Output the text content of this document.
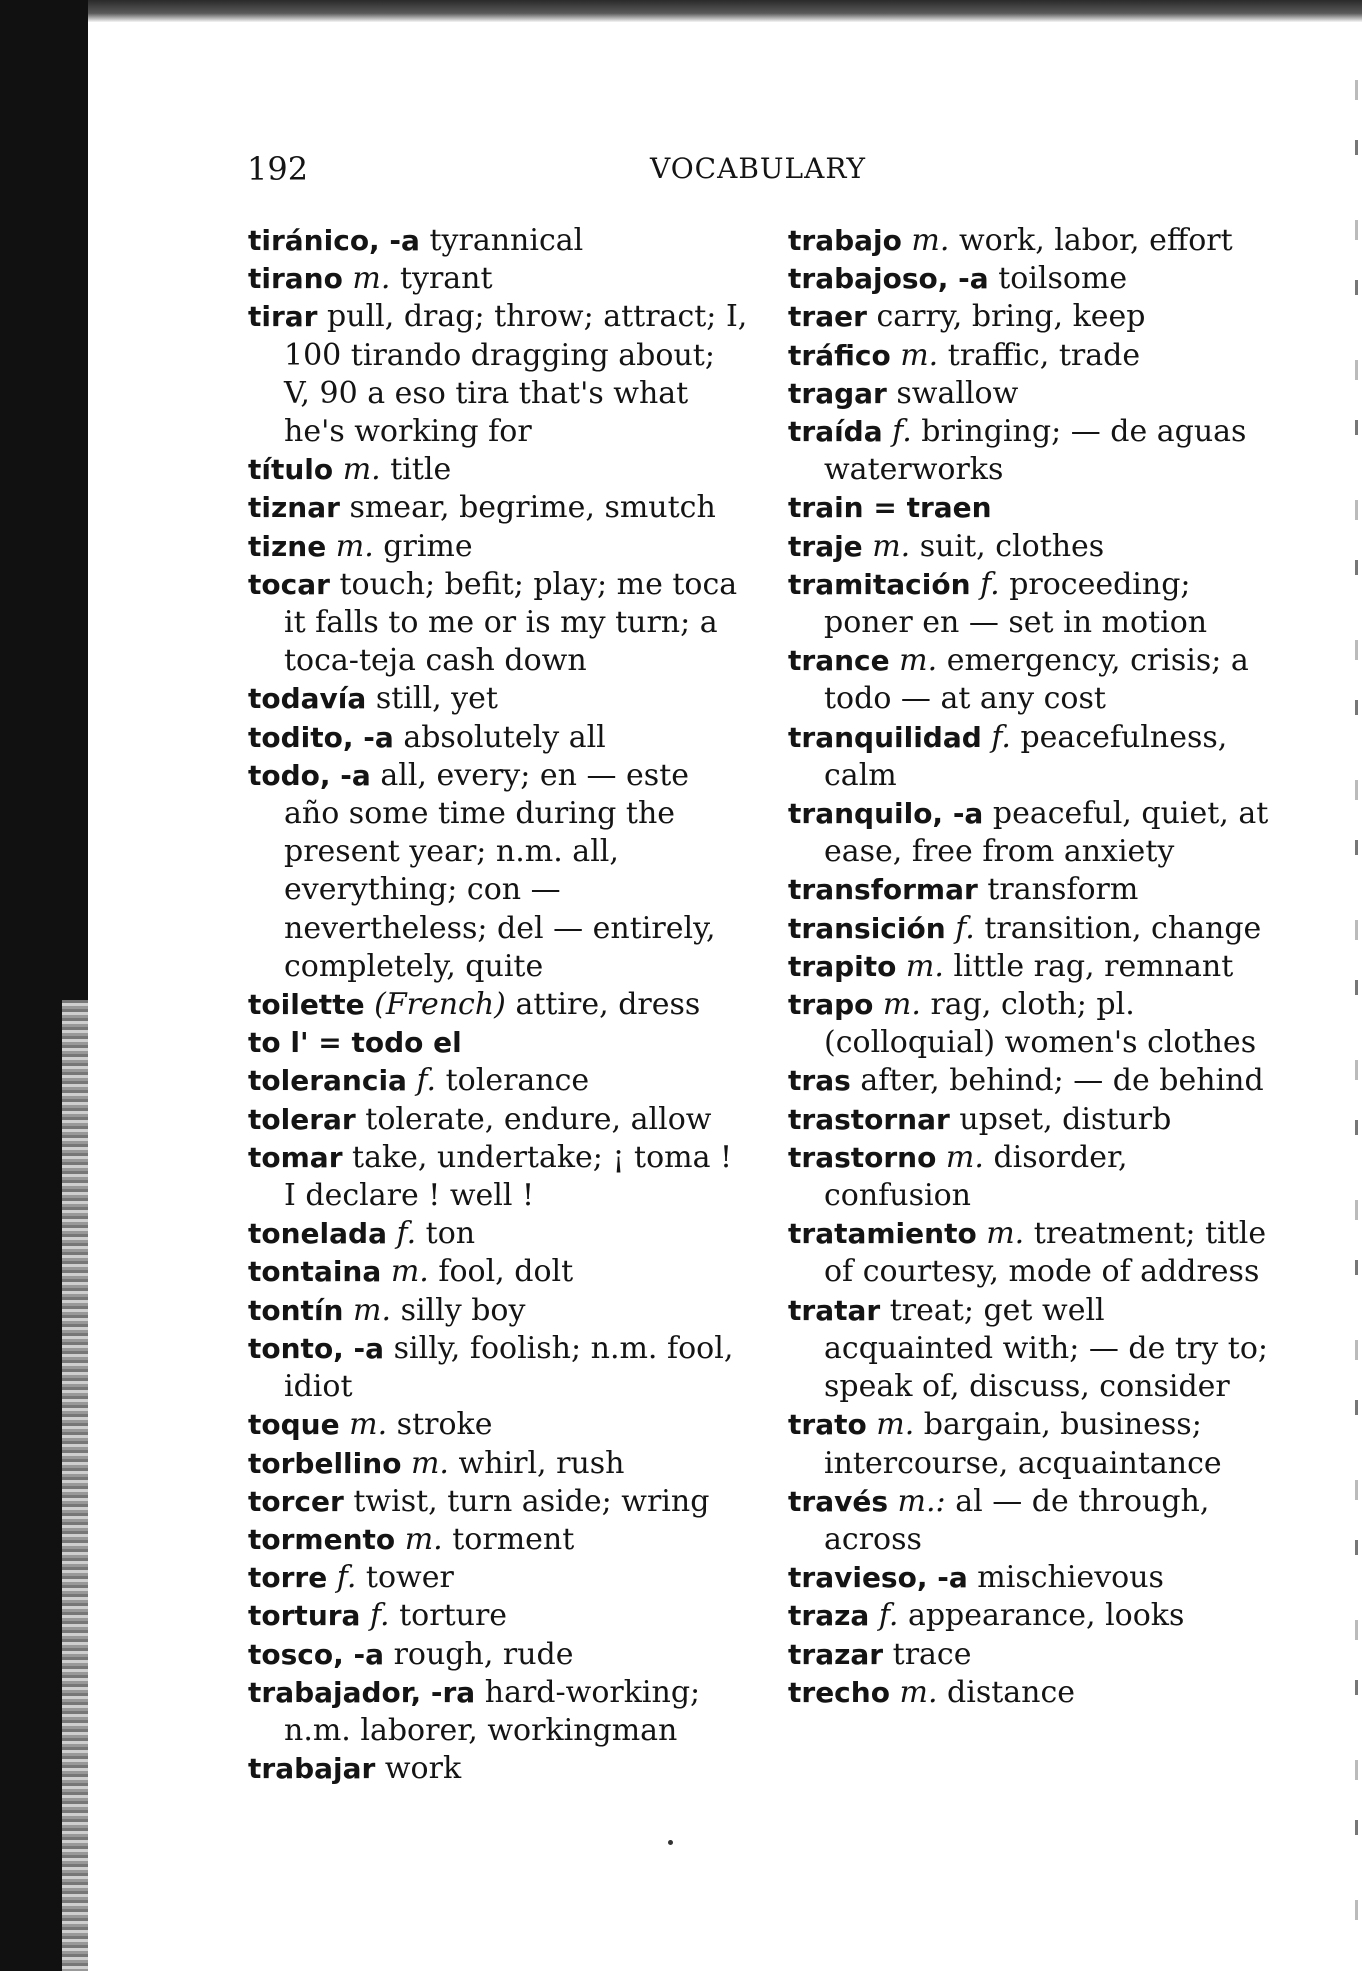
192	VOCABULARY
tiránico, -a tyrannical
tirano m. tyrant
tirar pull, drag; throw; attract; I, 100 tirando dragging about; V, 90 a eso tira that's what he's working for
título m. title
tiznar smear, begrime, smutch
tizne m. grime
tocar touch; befit; play; me toca it falls to me or is my turn; a toca-teja cash down
todavía still, yet
todito, -a absolutely all
todo, -a all, every; en — este año some time during the present year; n.m. all, everything; con — nevertheless; del — entirely, completely, quite
toilette (French) attire, dress
to l' = todo el
tolerancia f. tolerance
tolerar tolerate, endure, allow
tomar take, undertake; ¡ toma ! I declare ! well !
tonelada f. ton
tontaina m. fool, dolt
tontín m. silly boy
tonto, -a silly, foolish; n.m. fool, idiot
toque m. stroke
torbellino m. whirl, rush
torcer twist, turn aside; wring
tormento m. torment
torre f. tower
tortura f. torture
tosco, -a rough, rude
trabajador, -ra hard-working; n.m. laborer, workingman
trabajar work
trabajo m. work, labor, effort
trabajoso, -a toilsome
traer carry, bring, keep
tráfico m. traffic, trade
tragar swallow
traída f. bringing; — de aguas waterworks
train = traen
traje m. suit, clothes
tramitación f. proceeding; poner en — set in motion
trance m. emergency, crisis; a todo — at any cost
tranquilidad f. peacefulness, calm
tranquilo, -a peaceful, quiet, at ease, free from anxiety
transformar transform
transición f. transition, change
trapito m. little rag, remnant
trapo m. rag, cloth; pl. (colloquial) women's clothes
tras after, behind; — de behind
trastornar upset, disturb
trastorno m. disorder, confusion
tratamiento m. treatment; title of courtesy, mode of address
tratar treat; get well acquainted with; — de try to; speak of, discuss, consider
trato m. bargain, business; intercourse, acquaintance
través m.: al — de through, across
travieso, -a mischievous
traza f. appearance, looks
trazar trace
trecho m. distance
